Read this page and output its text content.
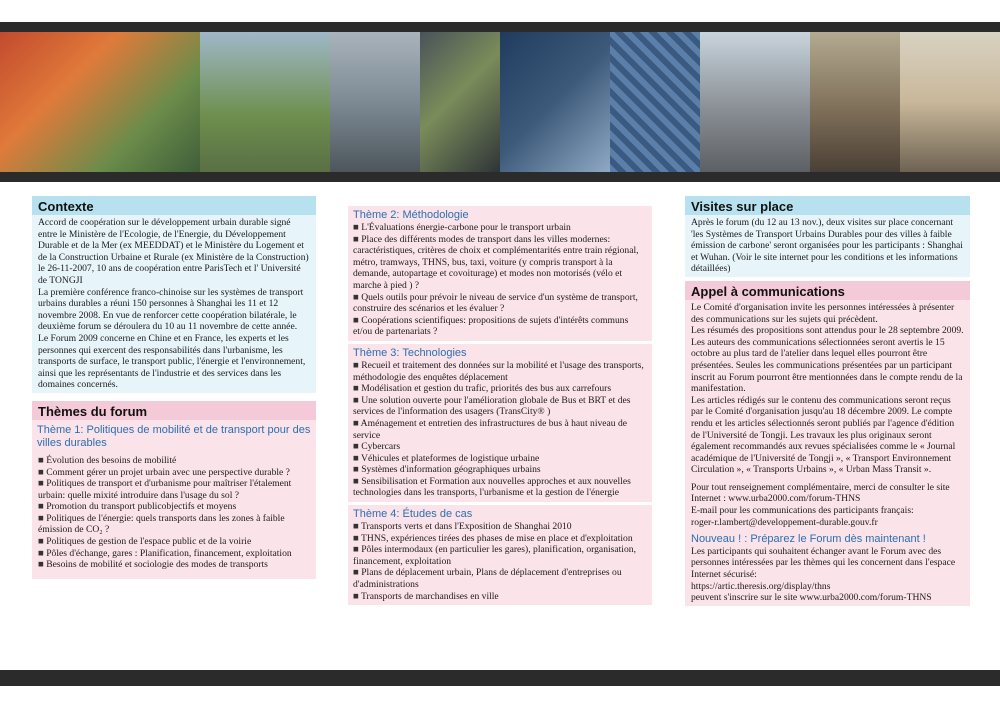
Contexte

Accord de coopération sur le développement urbain durable signé entre le Ministère de l'Ecologie, de l'Energie, du Développement Durable et de la Mer (ex MEEDDAT) et le Ministère du Logement et de la Construction Urbaine et Rurale (ex Ministère de la Construction) le 26-11-2007, 10 ans de coopération entre ParisTech et l' Université de TONGJI

La première conférence franco-chinoise sur les systèmes de transport urbains durables a réuni 150 personnes à Shanghai les 11 et 12 novembre 2008. En vue de renforcer cette coopération bilatérale, le deuxième forum se déroulera du 10 au 11 novembre de cette année.

Le Forum 2009 concerne en Chine et en France, les experts et les personnes qui exercent des responsabilités dans l'urbanisme, les transports de surface, le transport public, l'énergie et l'environnement, ainsi que les représentants de l'industrie et des services dans les domaines concernés.

Thèmes du forum
Thème 1: Politiques de mobilité et de transport pour des villes durables
■ Évolution des besoins de mobilité
■ Comment gérer un projet urbain avec une perspective durable ?
■ Politiques de transport et d'urbanisme pour maîtriser l'étalement urbain: quelle mixité introduire dans l'usage du sol ?
■ Promotion du transport publicobjectifs et moyens
■ Politiques de l'énergie: quels transports dans les zones à faible émission de CO₂ ?
■ Politiques de gestion de l'espace public et de la voirie
■ Pôles d'échange, gares : Planification, financement, exploitation
■ Besoins de mobilité et sociologie des modes de transports
Thème 2: Méthodologie
■ L'Évaluations énergie-carbone pour le transport urbain
■ Place des différents modes de transport dans les villes modernes: caractéristiques, critères de choix et complémentarités entre train régional, métro, tramways, THNS, bus, taxi, voiture (y compris transport à la demande, autopartage et covoiturage) et modes non motorisés (vélo et marche à pied ) ?
■ Quels outils pour prévoir le niveau de service d'un système de transport, construire des scénarios et les évaluer ?
■ Coopérations scientifiques: propositions de sujets d'intérêts communs et/ou de partenariats ?
Thème 3: Technologies
■ Recueil et traitement des données sur la mobilité et l'usage des transports, méthodologie des enquêtes déplacement
■ Modélisation et gestion du trafic, priorités des bus aux carrefours
■ Une solution ouverte pour l'amélioration globale de Bus et BRT et des services de l'information des usagers (TransCity® )
■ Aménagement et entretien des infrastructures de bus à haut niveau de service
■ Cybercars
■ Véhicules et plateformes de logistique urbaine
■ Systèmes d'information géographiques urbains
■ Sensibilisation et Formation aux nouvelles approches et aux nouvelles technologies dans les transports, l'urbanisme et la gestion de l'énergie
Thème 4: Études de cas
■ Transports verts et dans l'Exposition de Shanghai 2010
■ THNS, expériences tirées des phases de mise en place et d'exploitation
■ Pôles intermodaux (en particulier les gares), planification, organisation, financement, exploitation
■ Plans de déplacement urbain, Plans de déplacement d'entreprises ou d'administrations
■ Transports de marchandises en ville
Visites sur place

Après le forum (du 12 au 13 nov.), deux visites sur place concernant 'les Systèmes de Transport Urbains Durables pour des villes à faible émission de carbone' seront organisées pour les participants : Shanghai et Wuhan. (Voir le site internet pour les conditions et les informations détaillées)

Appel à communications

Le Comité d'organisation invite les personnes intéressées à présenter des communications sur les sujets qui précèdent.

Les résumés des propositions sont attendus pour le 28 septembre 2009. Les auteurs des communications sélectionnées seront avertis le 15 octobre au plus tard de l'atelier dans lequel elles pourront être présentées. Seules les communications présentées par un participant inscrit au Forum pourront être mentionnées dans le compte rendu de la manifestation.

Les articles rédigés sur le contenu des communications seront reçus par le Comité d'organisation jusqu'au 18 décembre 2009. Le compte rendu et les articles sélectionnés seront publiés par l'agence d'édition de l'Université de Tongji. Les travaux les plus originaux seront également recommandés aux revues spécialisées comme le « Journal académique de l'Université de Tongji », « Transport Environnement Circulation », « Transports Urbains », « Urban Mass Transit ».

Pour tout renseignement complémentaire, merci de consulter le site Internet : www.urba2000.com/forum-THNS

E-mail pour les communications des participants français:

roger-r.lambert@developpement-durable.gouv.fr

Nouveau ! : Préparez le Forum dès maintenant !

Les participants qui souhaitent échanger avant le Forum avec des personnes intéressées par les thèmes qui les concernent dans l'espace Internet sécurisé:

https://artic.theresis.org/display/thns

peuvent s'inscrire sur le site www.urba2000.com/forum-THNS
